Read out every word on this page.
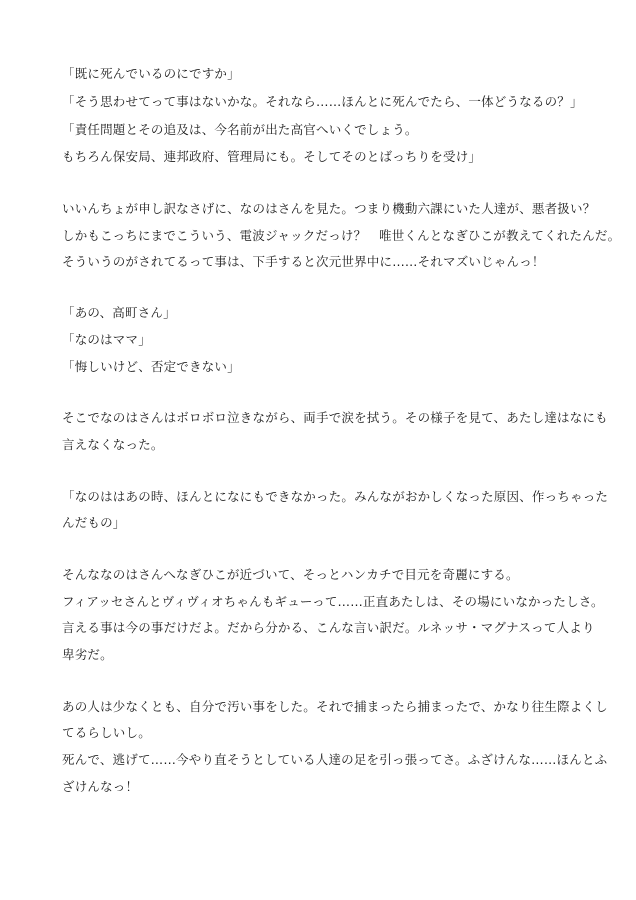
「既に死んでいるのにですか」
「そう思わせてって事はないかな。それなら……ほんとに死んでたら、一体どうなるの？」
「責任問題とその追及は、今名前が出た高官へいくでしょう。
もちろん保安局、連邦政府、管理局にも。そしてそのとばっちりを受け」
いいんちょが申し訳なさげに、なのはさんを見た。つまり機動六課にいた人達が、悪者扱い？
しかもこっちにまでこういう、電波ジャックだっけ？　唯世くんとなぎひこが教えてくれたんだ。
そういうのがされてるって事は、下手すると次元世界中に……それマズいじゃんっ！
「あの、高町さん」
「なのはママ」
「悔しいけど、否定できない」
そこでなのはさんはボロボロ泣きながら、両手で涙を拭う。その様子を見て、あたし達はなにも
言えなくなった。
「なのははあの時、ほんとになにもできなかった。みんながおかしくなった原因、作っちゃった
んだもの」
そんななのはさんへなぎひこが近づいて、そっとハンカチで目元を奇麗にする。
フィアッセさんとヴィヴィオちゃんもギューって……正直あたしは、その場にいなかったしさ。
言える事は今の事だけだよ。だから分かる、こんな言い訳だ。ルネッサ・マグナスって人より
卑劣だ。
あの人は少なくとも、自分で汚い事をした。それで捕まったら捕まったで、かなり往生際よくし
てるらしいし。
死んで、逃げて……今やり直そうとしている人達の足を引っ張ってさ。ふざけんな……ほんとふ
ざけんなっ！
